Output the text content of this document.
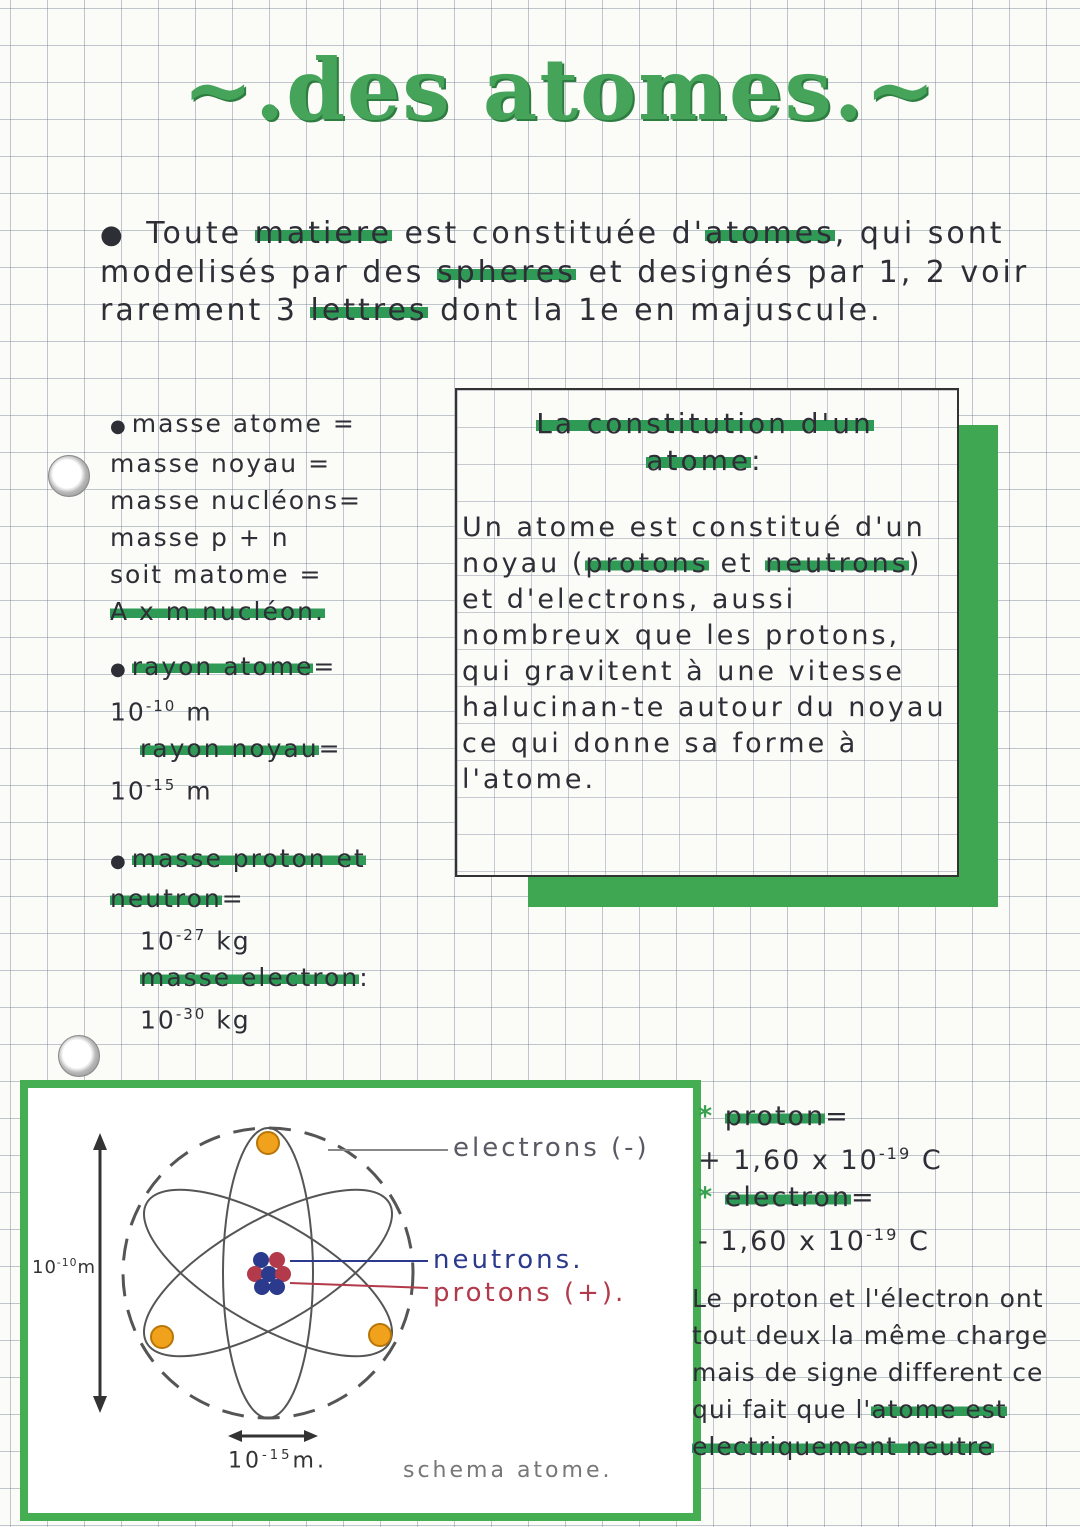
~.des atomes.~
● Toute matiere est constituée d'atomes, qui sont modelisés par des spheres et designés par 1, 2 voir rarement 3 lettres dont la 1e en majuscule.
● masse atome =
masse noyau =
masse nucléons=
masse p + n
soit matome =
A x m nucléon.
● rayon atome=
$10^{-10}$ m
rayon noyau=
$10^{-15}$ m
● masse proton et neutron=
$10^{-27}$ kg
masse electron:
$10^{-30}$ kg
La constitution d'un
atome:
Un atome est constitué d'un noyau (protons et neutrons) et d'electrons, aussi nombreux que les protons, qui gravitent à une vitesse halucinan-te autour du noyau ce qui donne sa forme à l'atome.
electrons (-)
neutrons.
protons (+).
$10^{-10}m$
$10^{-15}m$.	schema atome.
* proton=
+ 1,60 x $10^{-19}$ C
* electron=
- 1,60 x $10^{-19}$ C
Le proton et l'électron ont tout deux la même charge mais de signe different ce qui fait que l'atome est electriquement neutre
